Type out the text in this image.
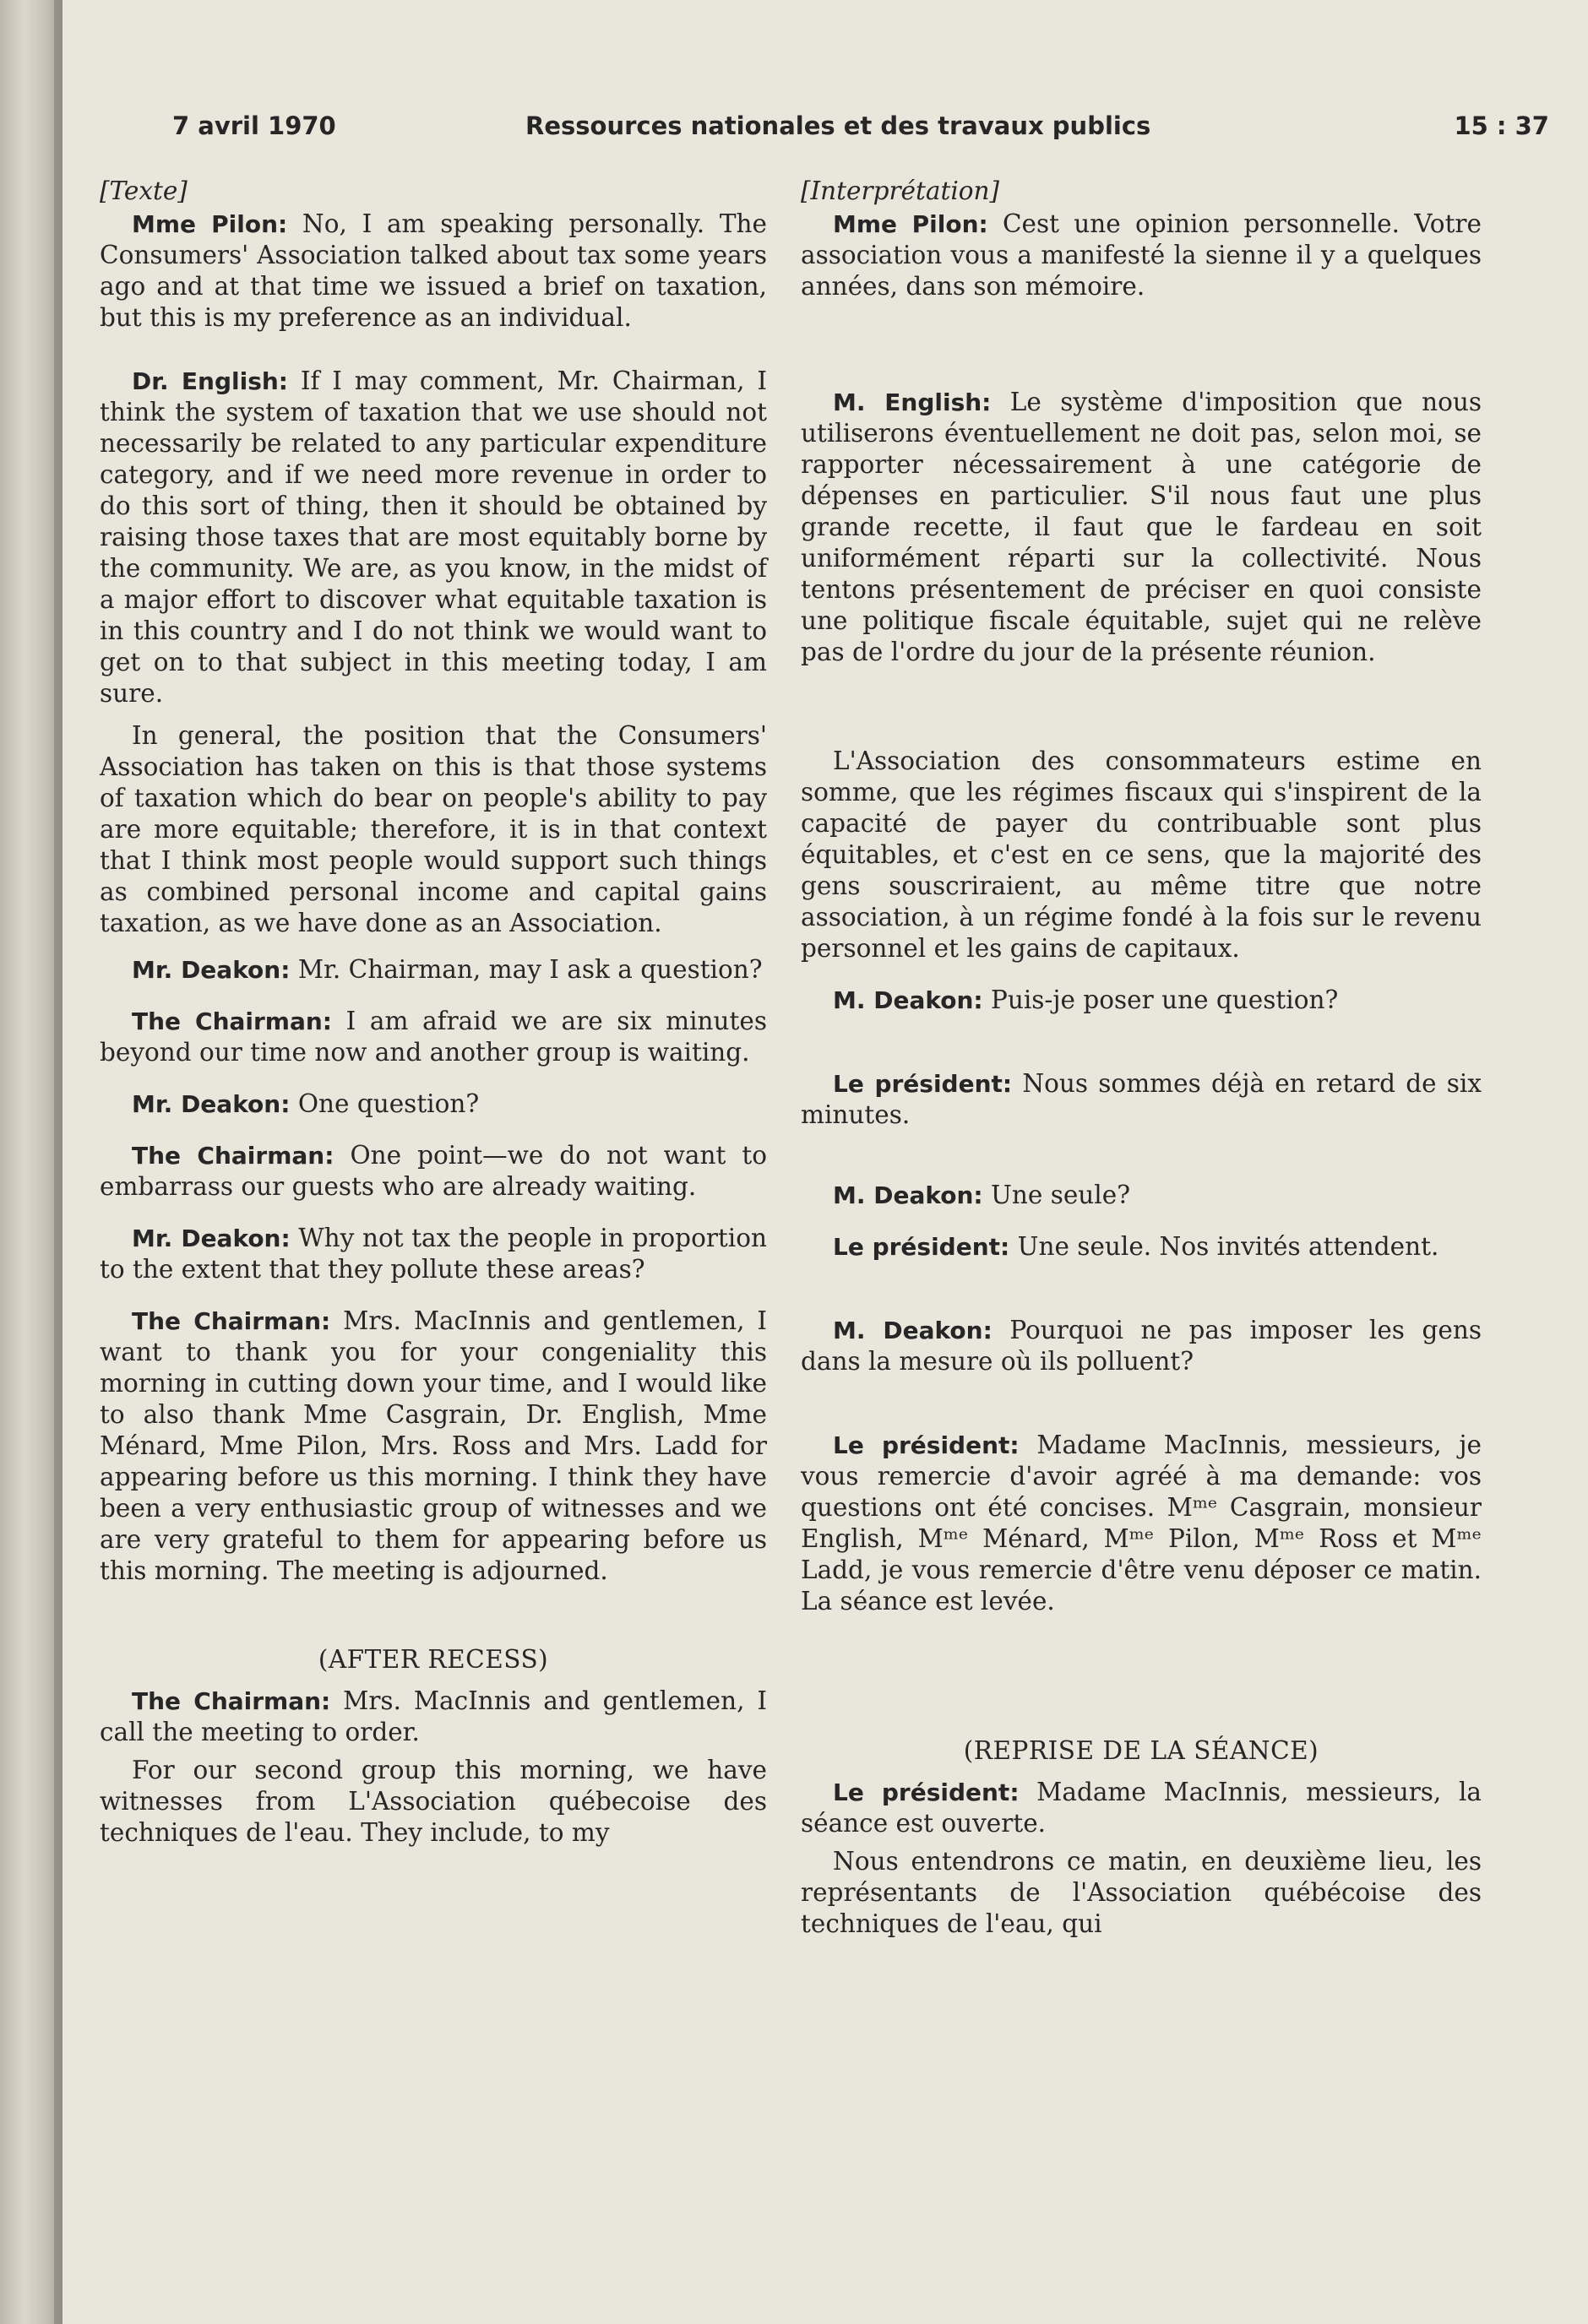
7 avril 1970	Ressources nationales et des travaux publics	15 : 37

[Texte]

Mme Pilon: No, I am speaking personally. The Consumers' Association talked about tax some years ago and at that time we issued a brief on taxation, but this is my preference as an individual.

Dr. English: If I may comment, Mr. Chairman, I think the system of taxation that we use should not necessarily be related to any particular expenditure category, and if we need more revenue in order to do this sort of thing, then it should be obtained by raising those taxes that are most equitably borne by the community. We are, as you know, in the midst of a major effort to discover what equitable taxation is in this country and I do not think we would want to get on to that subject in this meeting today, I am sure.

In general, the position that the Consumers' Association has taken on this is that those systems of taxation which do bear on people's ability to pay are more equitable; therefore, it is in that context that I think most people would support such things as combined personal income and capital gains taxation, as we have done as an Association.

Mr. Deakon: Mr. Chairman, may I ask a question?

The Chairman: I am afraid we are six minutes beyond our time now and another group is waiting.

Mr. Deakon: One question?

The Chairman: One point—we do not want to embarrass our guests who are already waiting.

Mr. Deakon: Why not tax the people in proportion to the extent that they pollute these areas?

The Chairman: Mrs. MacInnis and gentlemen, I want to thank you for your congeniality this morning in cutting down your time, and I would like to also thank Mme Casgrain, Dr. English, Mme Ménard, Mme Pilon, Mrs. Ross and Mrs. Ladd for appearing before us this morning. I think they have been a very enthusiastic group of witnesses and we are very grateful to them for appearing before us this morning. The meeting is adjourned.

(AFTER RECESS)

The Chairman: Mrs. MacInnis and gentlemen, I call the meeting to order.

For our second group this morning, we have witnesses from L'Association québecoise des techniques de l'eau. They include, to my

[Interprétation]

Mme Pilon: Cest une opinion personnelle. Votre association vous a manifesté la sienne il y a quelques années, dans son mémoire.

M. English: Le système d'imposition que nous utiliserons éventuellement ne doit pas, selon moi, se rapporter nécessairement à une catégorie de dépenses en particulier. S'il nous faut une plus grande recette, il faut que le fardeau en soit uniformément réparti sur la collectivité. Nous tentons présentement de préciser en quoi consiste une politique fiscale équitable, sujet qui ne relève pas de l'ordre du jour de la présente réunion.

L'Association des consommateurs estime en somme, que les régimes fiscaux qui s'inspirent de la capacité de payer du contribuable sont plus équitables, et c'est en ce sens, que la majorité des gens souscriraient, au même titre que notre association, à un régime fondé à la fois sur le revenu personnel et les gains de capitaux.

M. Deakon: Puis-je poser une question?

Le président: Nous sommes déjà en retard de six minutes.

M. Deakon: Une seule?

Le président: Une seule. Nos invités attendent.

M. Deakon: Pourquoi ne pas imposer les gens dans la mesure où ils polluent?

Le président: Madame MacInnis, messieurs, je vous remercie d'avoir agréé à ma demande: vos questions ont été concises. Mᵐᵉ Casgrain, monsieur English, Mᵐᵉ Ménard, Mᵐᵉ Pilon, Mᵐᵉ Ross et Mᵐᵉ Ladd, je vous remercie d'être venu déposer ce matin. La séance est levée.

(REPRISE DE LA SÉANCE)

Le président: Madame MacInnis, messieurs, la séance est ouverte.

Nous entendrons ce matin, en deuxième lieu, les représentants de l'Association québécoise des techniques de l'eau, qui
